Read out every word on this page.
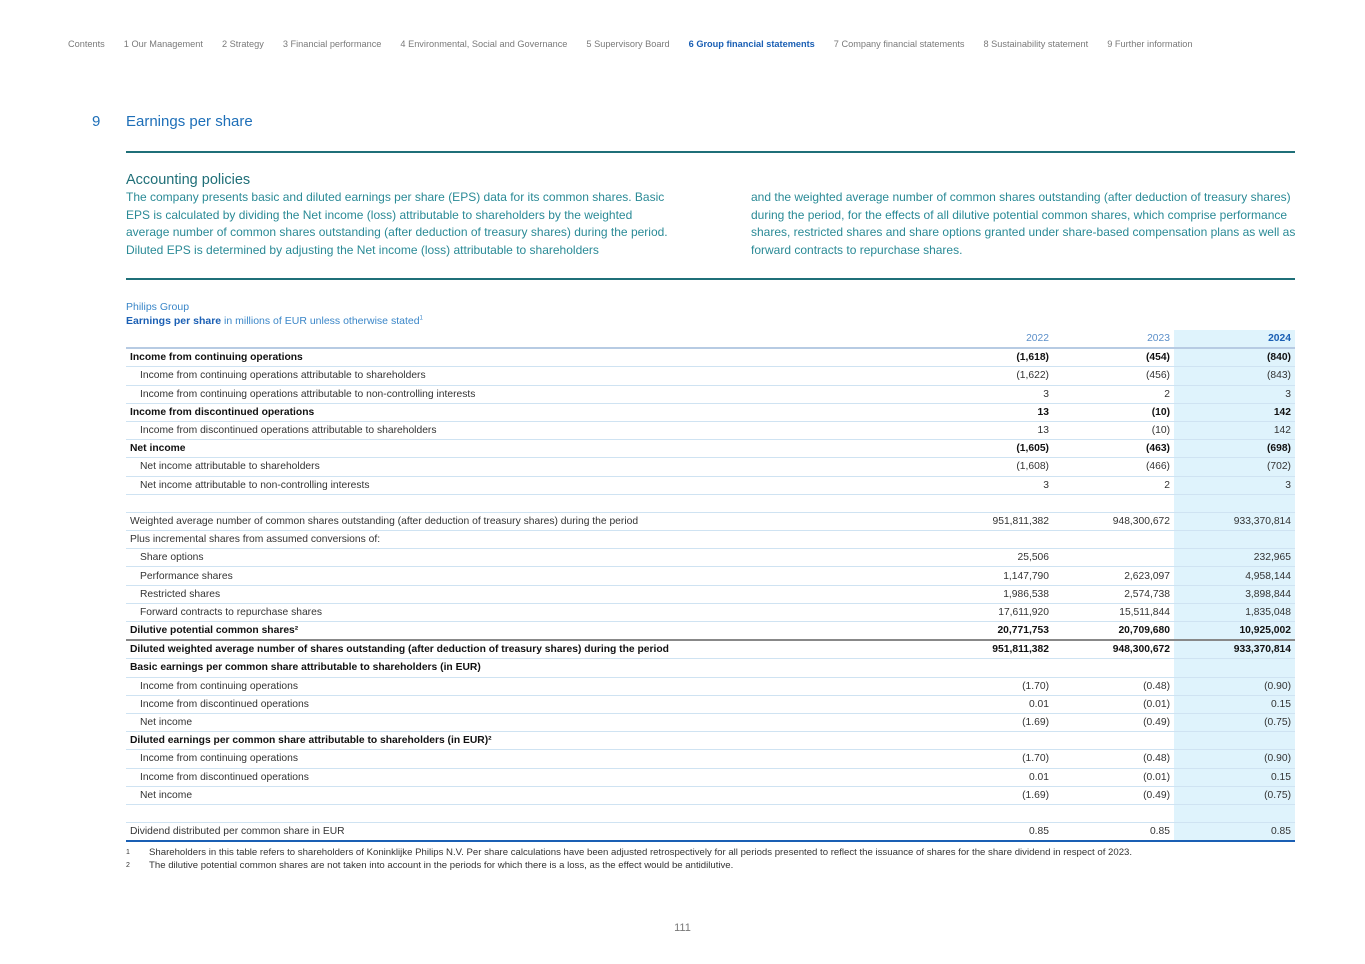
Contents 1 Our Management 2 Strategy 3 Financial performance 4 Environmental, Social and Governance 5 Supervisory Board 6 Group financial statements 7 Company financial statements 8 Sustainability statement 9 Further information
9 Earnings per share
Accounting policies
The company presents basic and diluted earnings per share (EPS) data for its common shares. Basic EPS is calculated by dividing the Net income (loss) attributable to shareholders by the weighted average number of common shares outstanding (after deduction of treasury shares) during the period. Diluted EPS is determined by adjusting the Net income (loss) attributable to shareholders
and the weighted average number of common shares outstanding (after deduction of treasury shares) during the period, for the effects of all dilutive potential common shares, which comprise performance shares, restricted shares and share options granted under share-based compensation plans as well as forward contracts to repurchase shares.
Philips Group
Earnings per share in millions of EUR unless otherwise stated$^1$
	2022	2023	2024
Income from continuing operations	(1,618)	(454)	(840)
Income from continuing operations attributable to shareholders	(1,622)	(456)	(843)
Income from continuing operations attributable to non-controlling interests	3	2	3
Income from discontinued operations	13	(10)	142
Income from discontinued operations attributable to shareholders	13	(10)	142
Net income	(1,605)	(463)	(698)
Net income attributable to shareholders	(1,608)	(466)	(702)
Net income attributable to non-controlling interests	3	2	3

Weighted average number of common shares outstanding (after deduction of treasury shares) during the period	951,811,382	948,300,672	933,370,814
Plus incremental shares from assumed conversions of:			
Share options	25,506		232,965
Performance shares	1,147,790	2,623,097	4,958,144
Restricted shares	1,986,538	2,574,738	3,898,844
Forward contracts to repurchase shares	17,611,920	15,511,844	1,835,048
Dilutive potential common shares²	20,771,753	20,709,680	10,925,002
Diluted weighted average number of shares outstanding (after deduction of treasury shares) during the period	951,811,382	948,300,672	933,370,814
Basic earnings per common share attributable to shareholders (in EUR)			
Income from continuing operations	(1.70)	(0.48)	(0.90)
Income from discontinued operations	0.01	(0.01)	0.15
Net income	(1.69)	(0.49)	(0.75)
Diluted earnings per common share attributable to shareholders (in EUR)²			
Income from continuing operations	(1.70)	(0.48)	(0.90)
Income from discontinued operations	0.01	(0.01)	0.15
Net income	(1.69)	(0.49)	(0.75)

Dividend distributed per common share in EUR	0.85	0.85	0.85
1	Shareholders in this table refers to shareholders of Koninklijke Philips N.V. Per share calculations have been adjusted retrospectively for all periods presented to reflect the issuance of shares for the share dividend in respect of 2023.
2	The dilutive potential common shares are not taken into account in the periods for which there is a loss, as the effect would be antidilutive.
111
